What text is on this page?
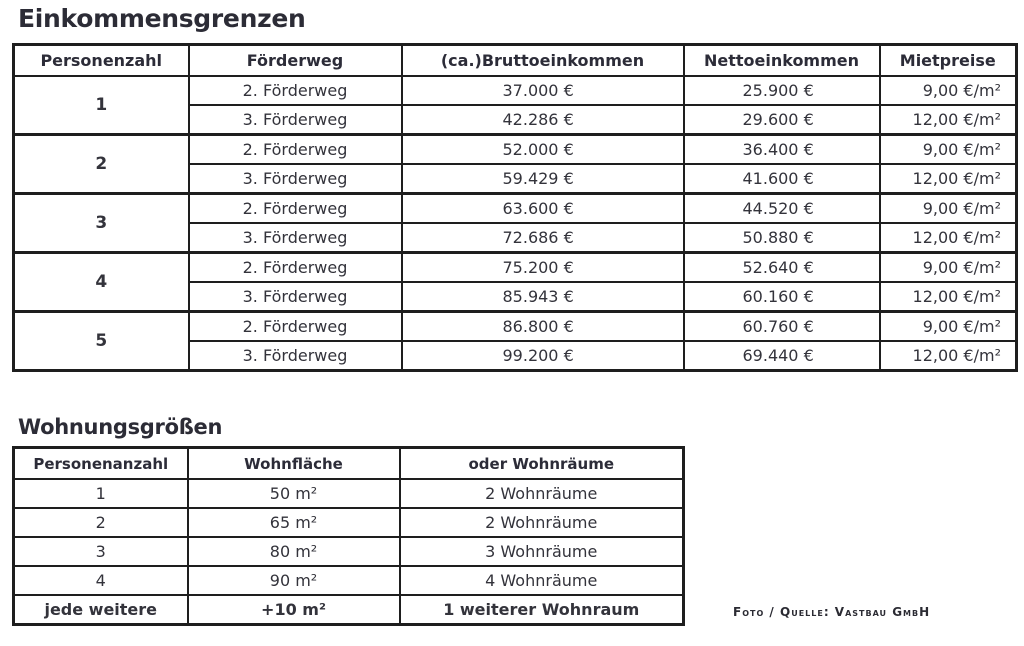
Einkommensgrenzen
Personenzahl	Förderweg	(ca.)Bruttoeinkommen	Nettoeinkommen	Mietpreise
1	2. Förderweg	37.000 €	25.900 €	9,00 €/m²
	3. Förderweg	42.286 €	29.600 €	12,00 €/m²
2	2. Förderweg	52.000 €	36.400 €	9,00 €/m²
	3. Förderweg	59.429 €	41.600 €	12,00 €/m²
3	2. Förderweg	63.600 €	44.520 €	9,00 €/m²
	3. Förderweg	72.686 €	50.880 €	12,00 €/m²
4	2. Förderweg	75.200 €	52.640 €	9,00 €/m²
	3. Förderweg	85.943 €	60.160 €	12,00 €/m²
5	2. Förderweg	86.800 €	60.760 €	9,00 €/m²
	3. Förderweg	99.200 €	69.440 €	12,00 €/m²
Wohnungsgrößen
Personenanzahl	Wohnfläche	oder Wohnräume
1	50 m²	2 Wohnräume
2	65 m²	2 Wohnräume
3	80 m²	3 Wohnräume
4	90 m²	4 Wohnräume
jede weitere	+10 m²	1 weiterer Wohnraum	Foto / Quelle: Vastbau GmbH
